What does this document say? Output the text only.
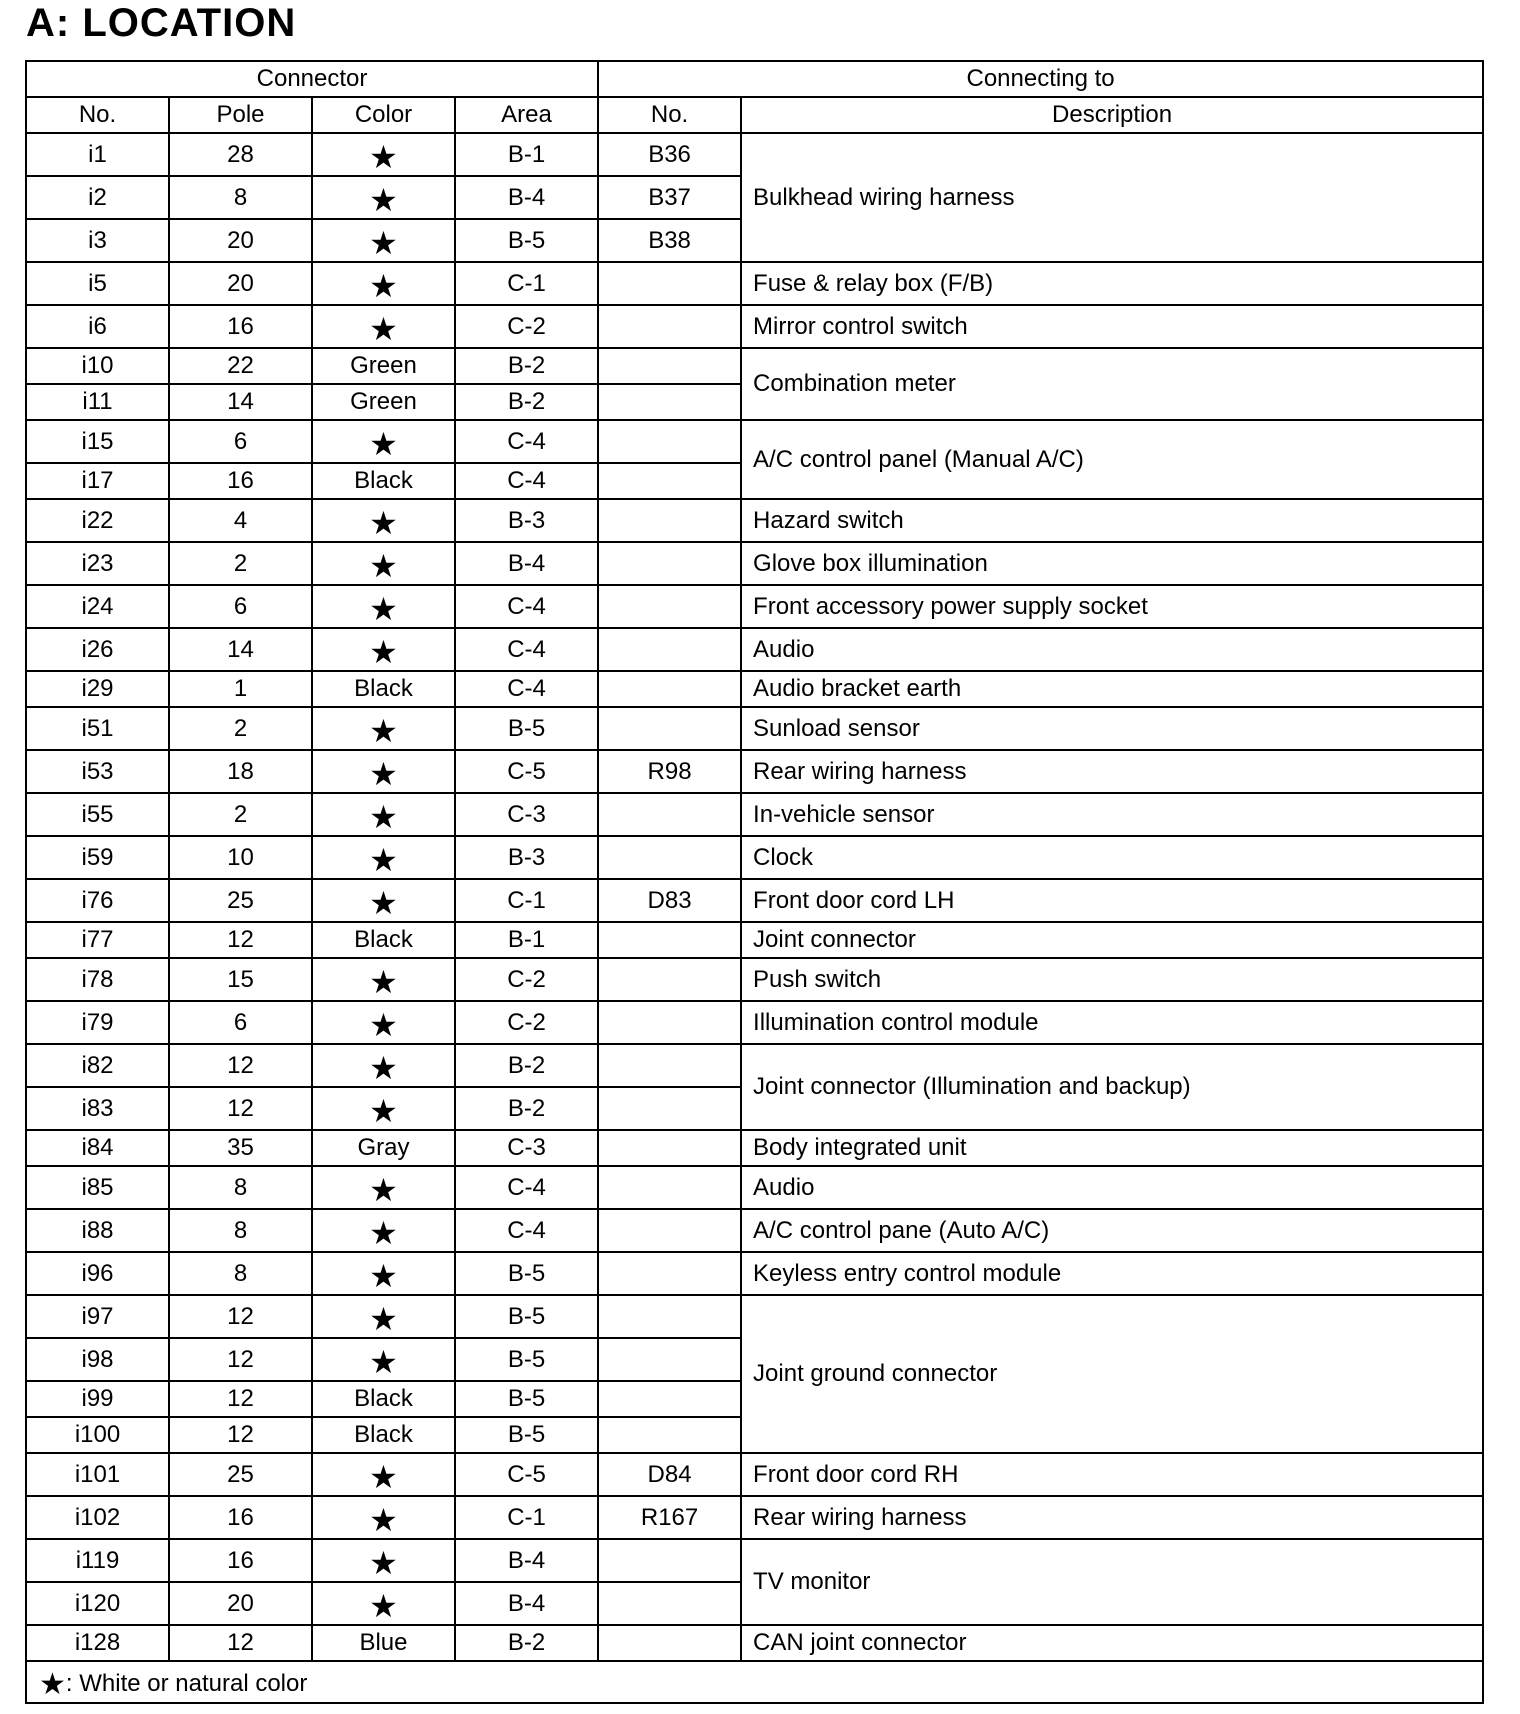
A: LOCATION
Connector				Connecting to	
No.	Pole	Color	Area	No.	Description
i1	28	★	B-1	B36	Bulkhead wiring harness
i2	8	★	B-4	B37	
i3	20	★	B-5	B38	
i5	20	★	C-1		Fuse & relay box (F/B)
i6	16	★	C-2		Mirror control switch
i10	22	Green	B-2		Combination meter
i11	14	Green	B-2		
i15	6	★	C-4		A/C control panel (Manual A/C)
i17	16	Black	C-4		
i22	4	★	B-3		Hazard switch
i23	2	★	B-4		Glove box illumination
i24	6	★	C-4		Front accessory power supply socket
i26	14	★	C-4		Audio
i29	1	Black	C-4		Audio bracket earth
i51	2	★	B-5		Sunload sensor
i53	18	★	C-5	R98	Rear wiring harness
i55	2	★	C-3		In-vehicle sensor
i59	10	★	B-3		Clock
i76	25	★	C-1	D83	Front door cord LH
i77	12	Black	B-1		Joint connector
i78	15	★	C-2		Push switch
i79	6	★	C-2		Illumination control module
i82	12	★	B-2		Joint connector (Illumination and backup)
i83	12	★	B-2		
i84	35	Gray	C-3		Body integrated unit
i85	8	★	C-4		Audio
i88	8	★	C-4		A/C control pane (Auto A/C)
i96	8	★	B-5		Keyless entry control module
i97	12	★	B-5		Joint ground connector
i98	12	★	B-5		
i99	12	Black	B-5		
i100	12	Black	B-5		
i101	25	★	C-5	D84	Front door cord RH
i102	16	★	C-1	R167	Rear wiring harness
i119	16	★	B-4		TV monitor
i120	20	★	B-4		
i128	12	Blue	B-2		CAN joint connector
★: White or natural color					
